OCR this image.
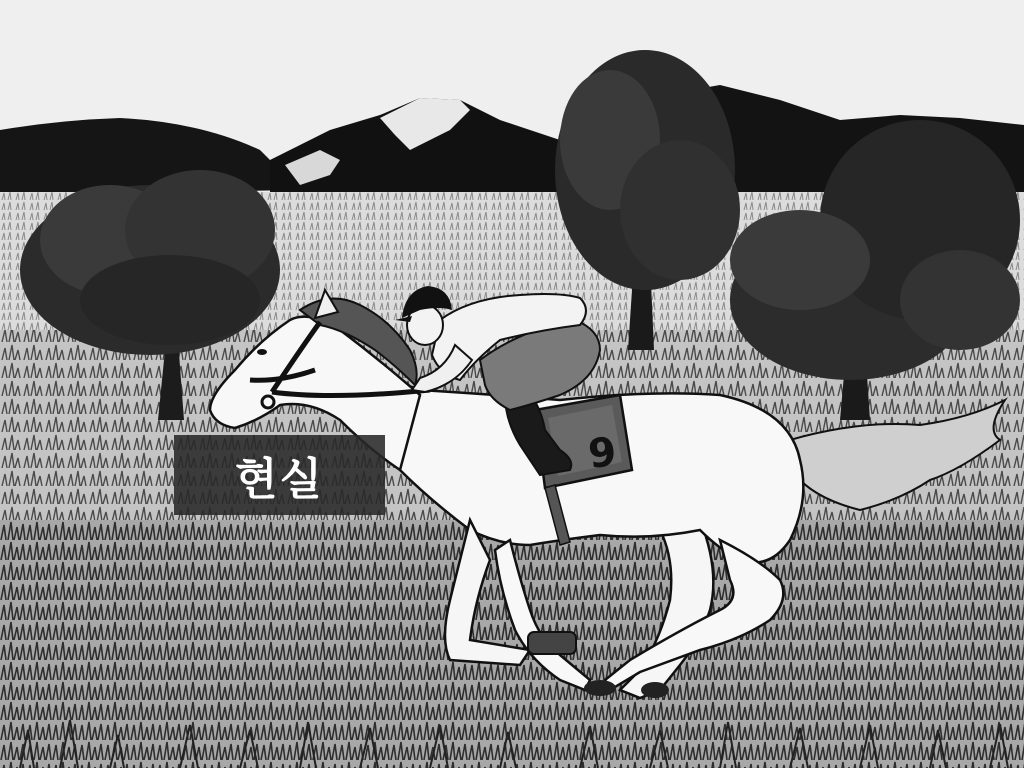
9
현실
